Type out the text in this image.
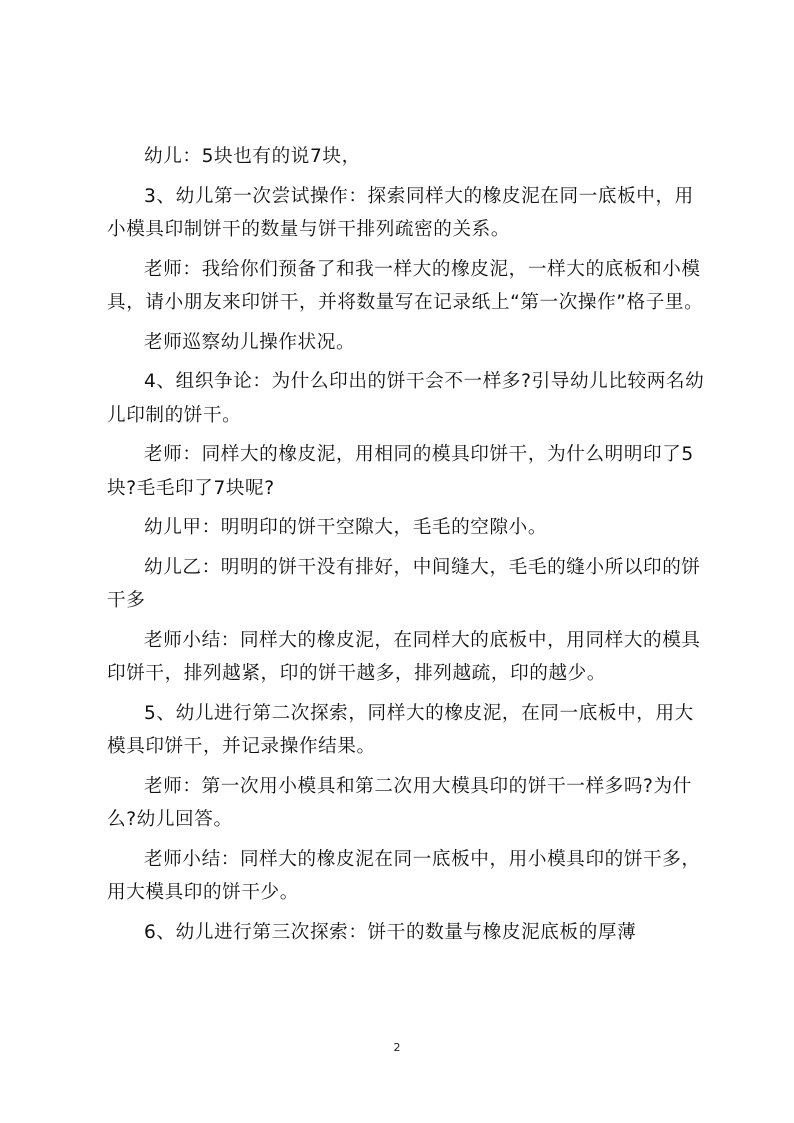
幼儿：5块也有的说7块，

3、幼儿第一次尝试操作：探索同样大的橡皮泥在同一底板中，用小模具印制饼干的数量与饼干排列疏密的关系。

老师：我给你们预备了和我一样大的橡皮泥，一样大的底板和小模具，请小朋友来印饼干，并将数量写在记录纸上“第一次操作”格子里。

老师巡察幼儿操作状况。

4、组织争论：为什么印出的饼干会不一样多?引导幼儿比较两名幼儿印制的饼干。

老师：同样大的橡皮泥，用相同的模具印饼干，为什么明明印了5块?毛毛印了7块呢?

幼儿甲：明明印的饼干空隙大，毛毛的空隙小。

幼儿乙：明明的饼干没有排好，中间缝大，毛毛的缝小所以印的饼干多

老师小结：同样大的橡皮泥，在同样大的底板中，用同样大的模具印饼干，排列越紧，印的饼干越多，排列越疏，印的越少。

5、幼儿进行第二次探索，同样大的橡皮泥，在同一底板中，用大模具印饼干，并记录操作结果。

老师：第一次用小模具和第二次用大模具印的饼干一样多吗?为什么?幼儿回答。

老师小结：同样大的橡皮泥在同一底板中，用小模具印的饼干多，用大模具印的饼干少。

6、幼儿进行第三次探索：饼干的数量与橡皮泥底板的厚薄

2
